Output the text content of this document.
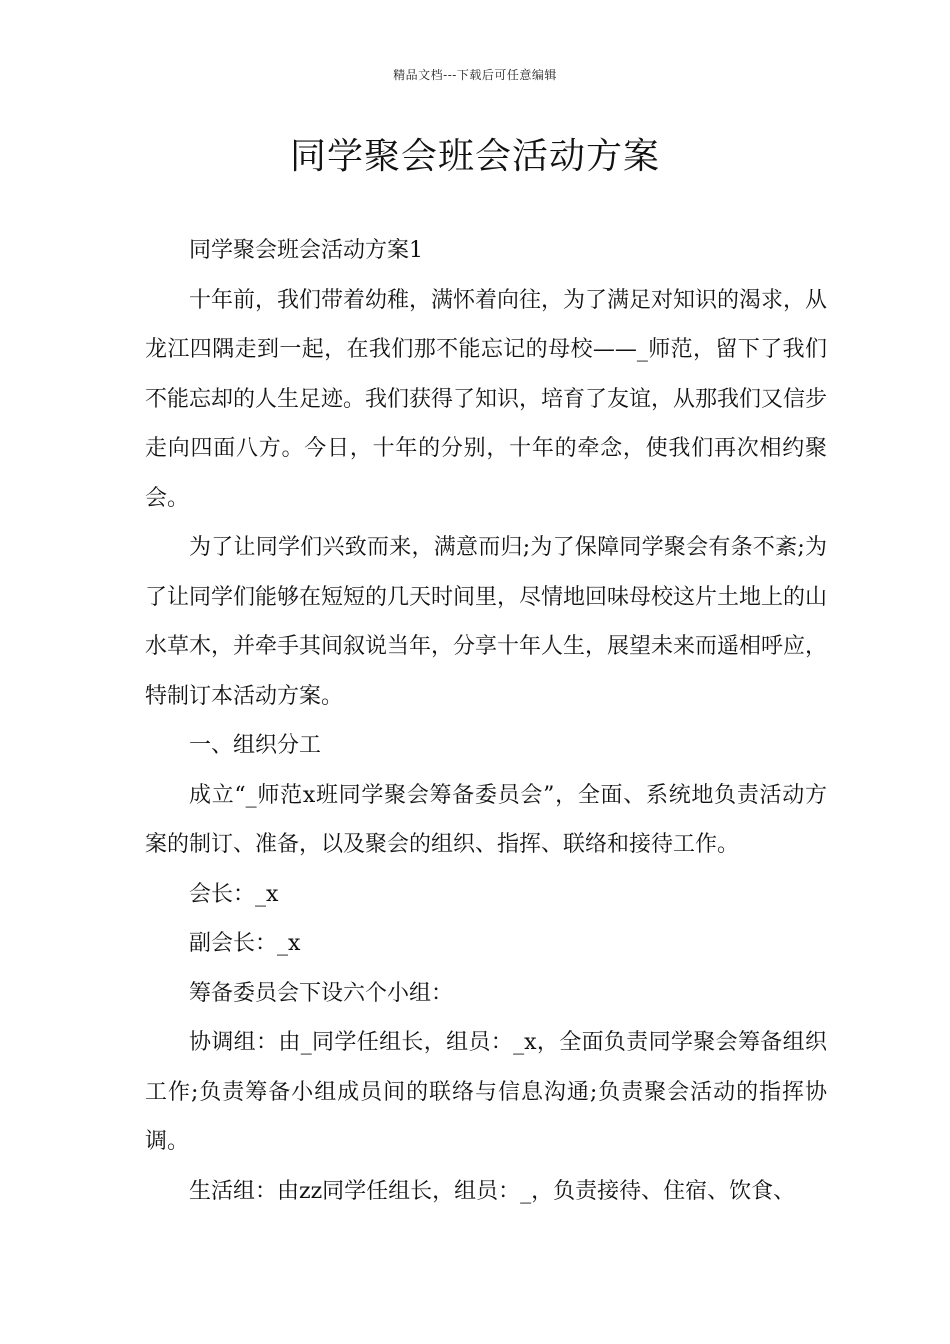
精品文档---下载后可任意编辑
同学聚会班会活动方案

同学聚会班会活动方案1

十年前，我们带着幼稚，满怀着向往，为了满足对知识的渴求，从龙江四隅走到一起，在我们那不能忘记的母校——_师范，留下了我们不能忘却的人生足迹。我们获得了知识，培育了友谊，从那我们又信步走向四面八方。今日，十年的分别，十年的牵念，使我们再次相约聚会。

为了让同学们兴致而来，满意而归;为了保障同学聚会有条不紊;为了让同学们能够在短短的几天时间里，尽情地回味母校这片土地上的山水草木，并牵手其间叙说当年，分享十年人生，展望未来而遥相呼应，特制订本活动方案。

一、组织分工

成立“_师范x班同学聚会筹备委员会”，全面、系统地负责活动方案的制订、准备，以及聚会的组织、指挥、联络和接待工作。

会长：_x

副会长：_x

筹备委员会下设六个小组：

协调组：由_同学任组长，组员：_x，全面负责同学聚会筹备组织工作;负责筹备小组成员间的联络与信息沟通;负责聚会活动的指挥协调。

生活组：由zz同学任组长，组员：_，负责接待、住宿、饮食、
